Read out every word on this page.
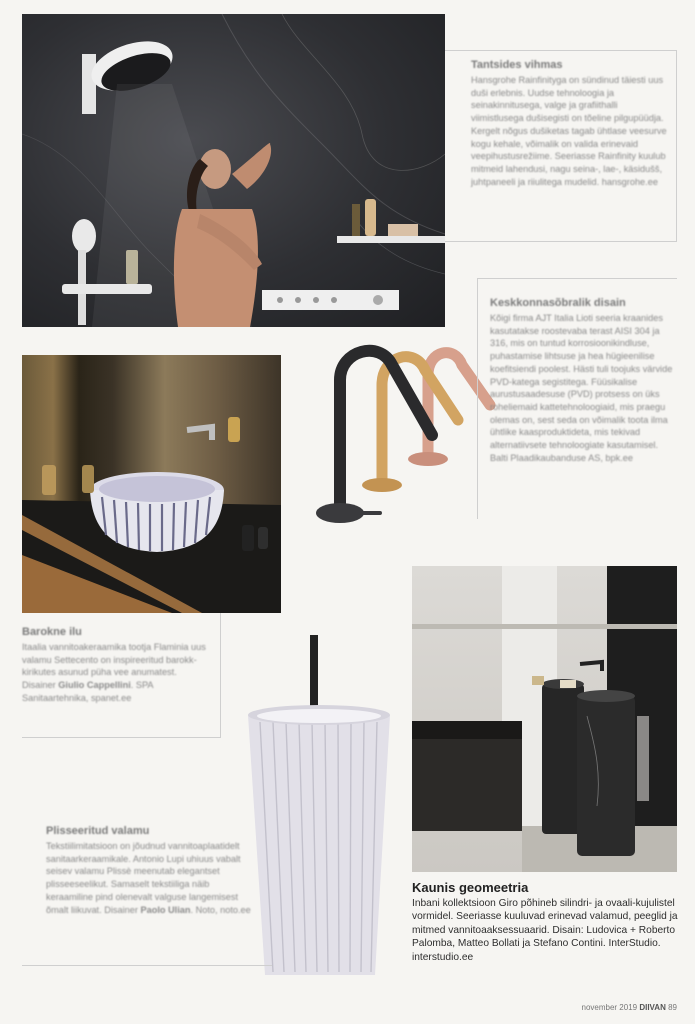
Tantsides vihmas

Hansgrohe Rainfinityga on sündinud täiesti uus duši erlebnis. Uudse tehnoloogia ja seinakinnitusega, valge ja grafiithalli viimistlusega dušisegisti on tõeline pilgupüüdja. Kergelt nõgus dušiketas tagab ühtlase veesurve kogu kehale, võimalik on valida erinevaid veepihustusrežiime. Seeriasse Rainfinity kuulub mitmeid lahendusi, nagu seina-, lae-, käsidušš, juhtpaneeli ja riiulitega mudelid. hansgrohe.ee

Keskkonnasõbralik disain

Kõigi firma AJT Italia Lioti seeria kraanides kasutatakse roostevaba terast AISI 304 ja 316, mis on tuntud korrosioonikindluse, puhastamise lihtsuse ja hea hügieenilise koefitsiendi poolest. Hästi tuli toojuks värvide PVD-katega segistitega. Füüsikalise aurustusaadesuse (PVD) protsess on üks roheliemaid kattetehnoloogiaid, mis praegu olemas on, sest seda on võimalik toota ilma ühtlike kaasproduktideta, mis tekivad alternatiivsete tehnoloogiate kasutamisel. Balti Plaadikaubanduse AS, bpk.ee

Barokne ilu

Itaalia vannitoakeraamika tootja Flaminia uus valamu Settecento on inspireeritud barokk-kirikutes asunud püha vee anumatest. Disainer Giulio Cappellini. SPA Sanitaartehnika, spanet.ee

Plisseeritud valamu

Tekstiilimitatsioon on jõudnud vannitoaplaatidelt sanitaarkeraamikale. Antonio Lupi uhiuus vabalt seisev valamu Plissè meenutab elegantset plisseeseelikut. Samaselt tekstiiliga näib keraamiline pind olenevalt valguse langemisest õmalt liikuvat. Disainer Paolo Ulian. Noto, noto.ee

Kaunis geomeetria

Inbani kollektsioon Giro põhineb silindri- ja ovaali-kujulistel vormidel. Seeriasse kuuluvad erinevad valamud, peeglid ja mitmed vannitoaaksessuaarid. Disain: Ludovica + Roberto Palomba, Matteo Bollati ja Stefano Contini. InterStudio. interstudio.ee

november 2019 DIIVAN 89
